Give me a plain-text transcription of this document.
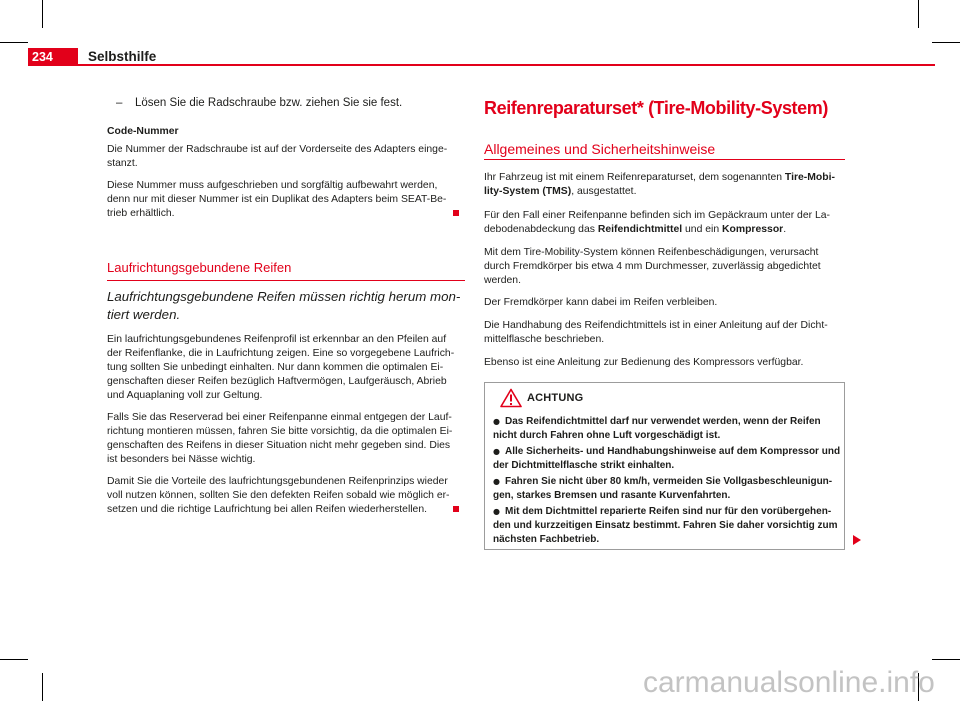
234	Selbsthilfe
– Lösen Sie die Radschraube bzw. ziehen Sie sie fest.
Code-Nummer
Die Nummer der Radschraube ist auf der Vorderseite des Adapters einge-
stanzt.
Diese Nummer muss aufgeschrieben und sorgfältig aufbewahrt werden,
denn nur mit dieser Nummer ist ein Duplikat des Adapters beim SEAT-Be-
trieb erhältlich.
Laufrichtungsgebundene Reifen
Laufrichtungsgebundene Reifen müssen richtig herum mon-
tiert werden.
Ein laufrichtungsgebundenes Reifenprofil ist erkennbar an den Pfeilen auf
der Reifenflanke, die in Laufrichtung zeigen. Eine so vorgegebene Laufrich-
tung sollten Sie unbedingt einhalten. Nur dann kommen die optimalen Ei-
genschaften dieser Reifen bezüglich Haftvermögen, Laufgeräusch, Abrieb
und Aquaplaning voll zur Geltung.
Falls Sie das Reserverad bei einer Reifenpanne einmal entgegen der Lauf-
richtung montieren müssen, fahren Sie bitte vorsichtig, da die optimalen Ei-
genschaften des Reifens in dieser Situation nicht mehr gegeben sind. Dies
ist besonders bei Nässe wichtig.
Damit Sie die Vorteile des laufrichtungsgebundenen Reifenprinzips wieder
voll nutzen können, sollten Sie den defekten Reifen sobald wie möglich er-
setzen und die richtige Laufrichtung bei allen Reifen wiederherstellen.
Reifenreparaturset* (Tire-Mobility-System)
Allgemeines und Sicherheitshinweise
Ihr Fahrzeug ist mit einem Reifenreparaturset, dem sogenannten Tire-Mobi-
lity-System (TMS), ausgestattet.
Für den Fall einer Reifenpanne befinden sich im Gepäckraum unter der La-
debodenabdeckung das Reifendichtmittel und ein Kompressor.
Mit dem Tire-Mobility-System können Reifenbeschädigungen, verursacht
durch Fremdkörper bis etwa 4 mm Durchmesser, zuverlässig abgedichtet
werden.
Der Fremdkörper kann dabei im Reifen verbleiben.
Die Handhabung des Reifendichtmittels ist in einer Anleitung auf der Dicht-
mittelflasche beschrieben.
Ebenso ist eine Anleitung zur Bedienung des Kompressors verfügbar.
ACHTUNG
● Das Reifendichtmittel darf nur verwendet werden, wenn der Reifen
nicht durch Fahren ohne Luft vorgeschädigt ist.
● Alle Sicherheits- und Handhabungshinweise auf dem Kompressor und
der Dichtmittelflasche strikt einhalten.
● Fahren Sie nicht über 80 km/h, vermeiden Sie Vollgasbeschleunigun-
gen, starkes Bremsen und rasante Kurvenfahrten.
● Mit dem Dichtmittel reparierte Reifen sind nur für den vorübergehen-
den und kurzzeitigen Einsatz bestimmt. Fahren Sie daher vorsichtig zum
nächsten Fachbetrieb.
carmanualsonline.info
